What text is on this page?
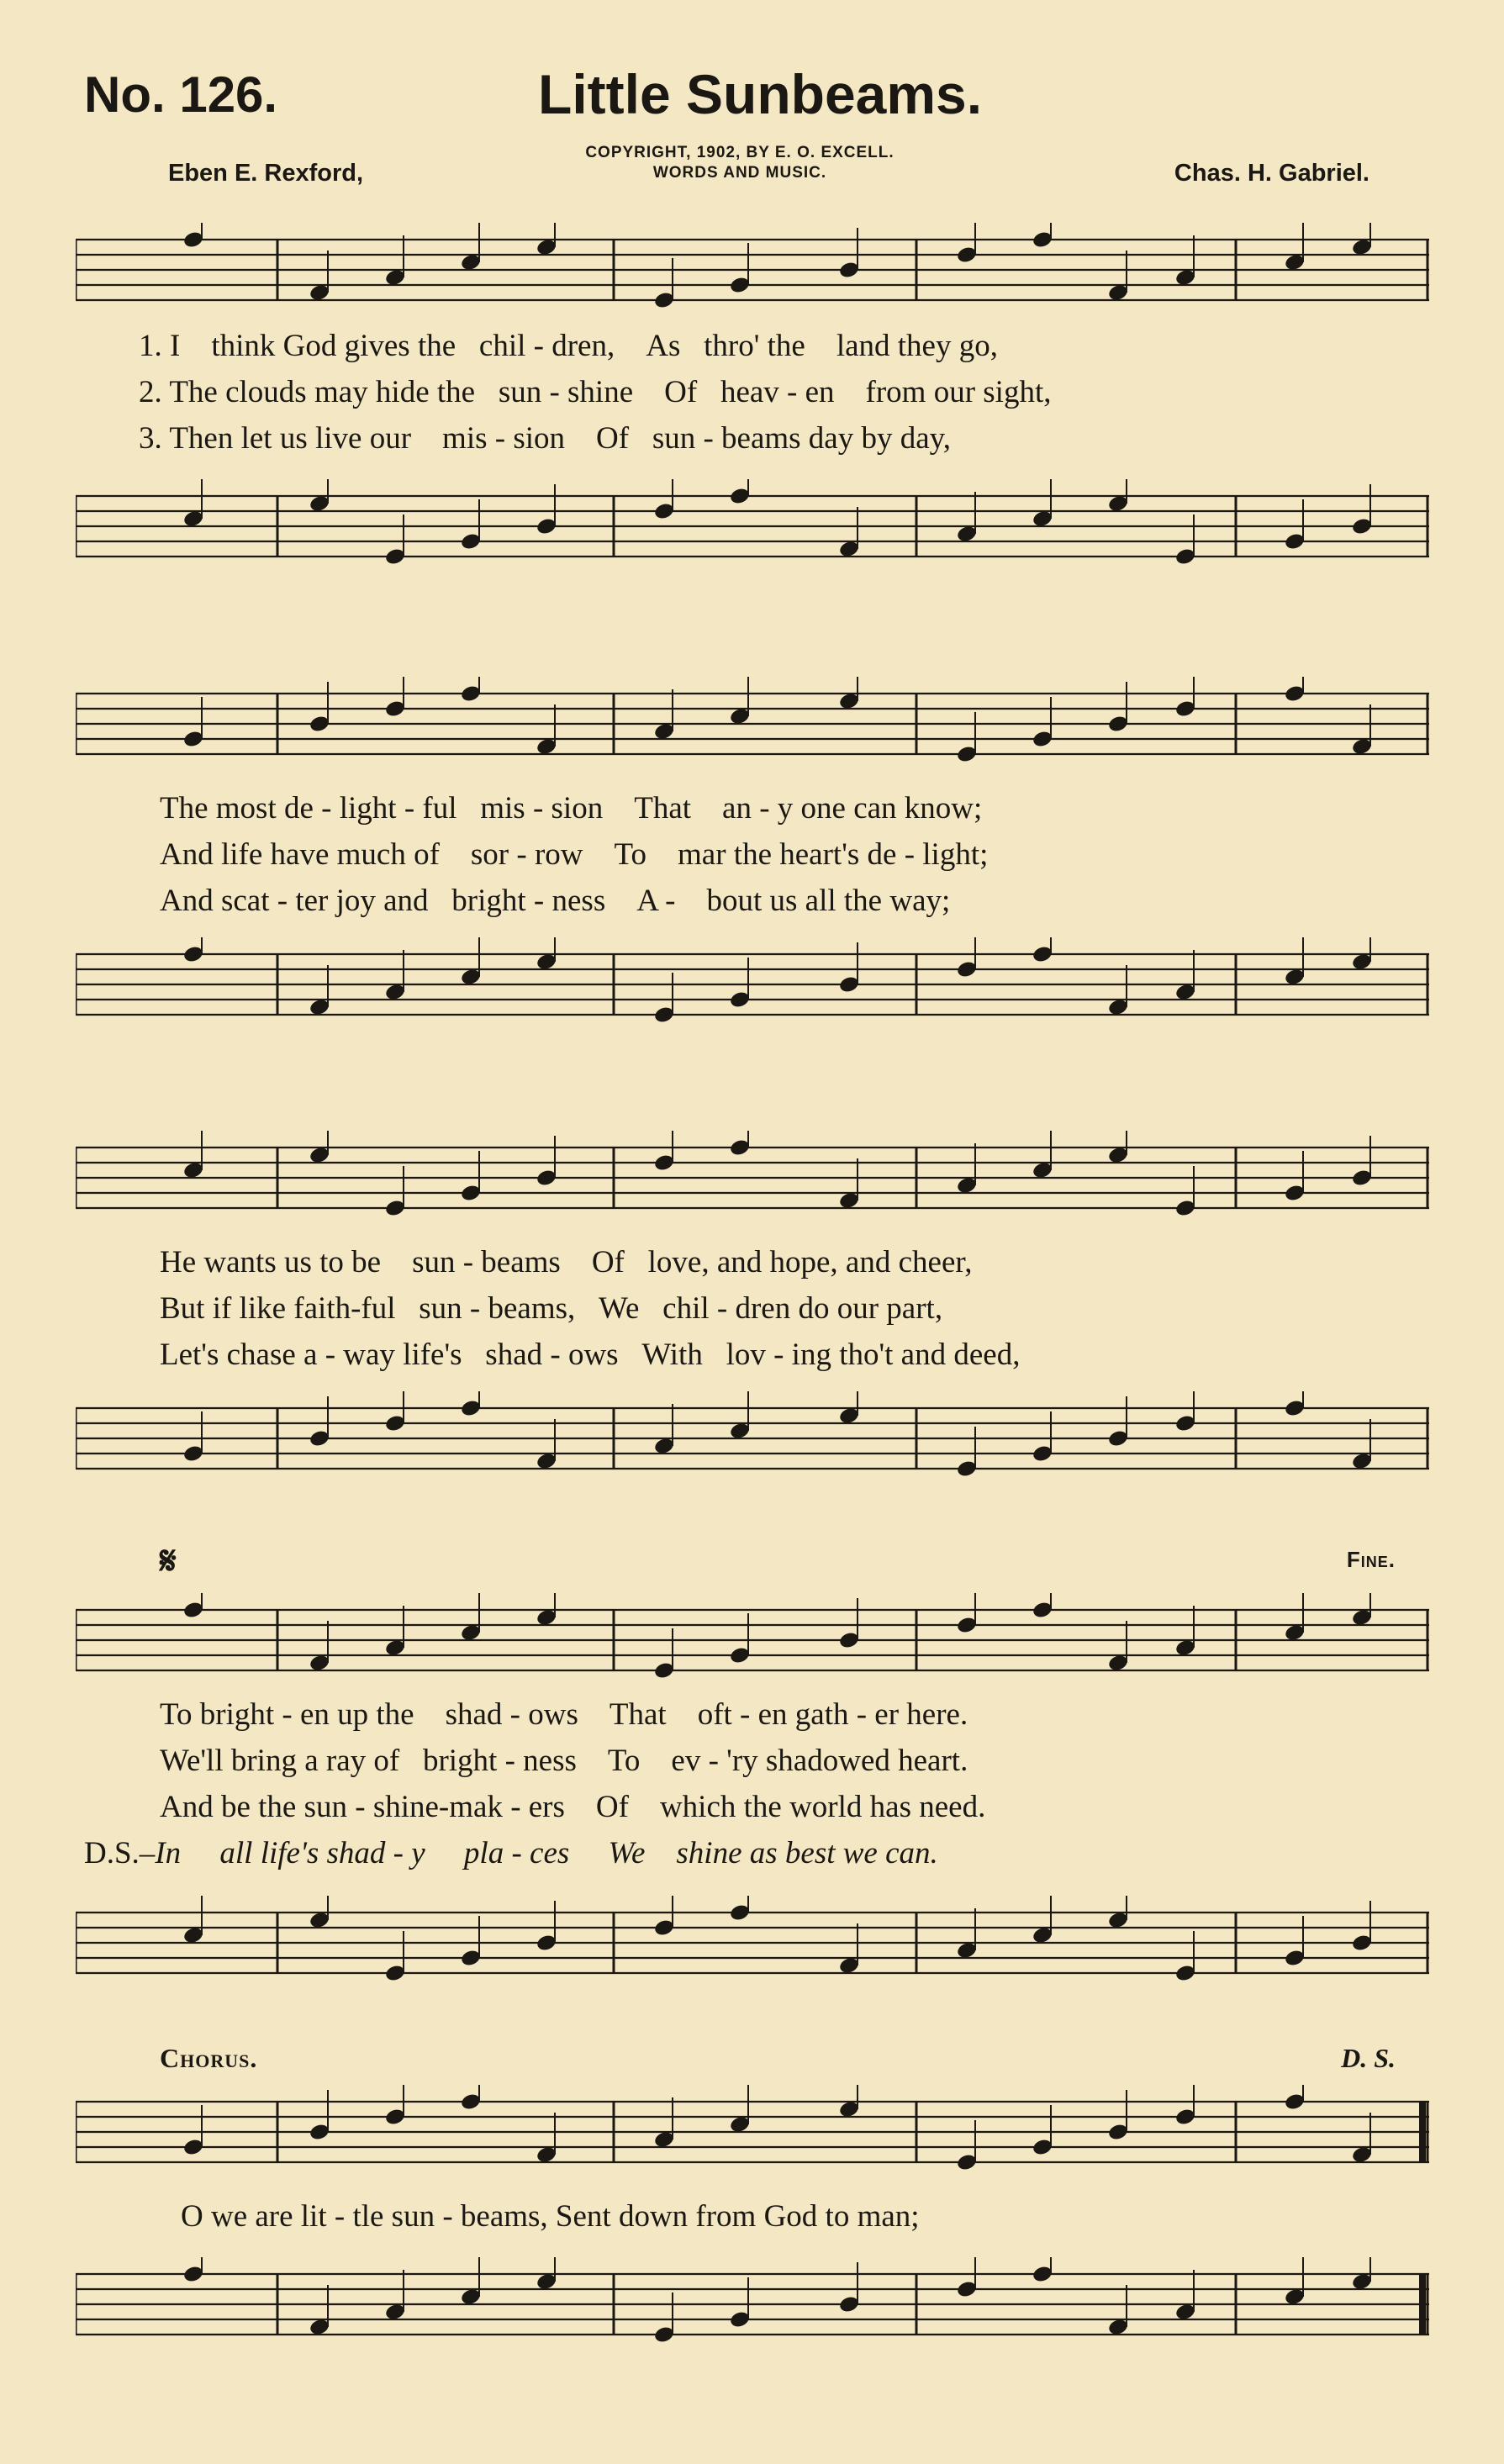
No. 126.	Little Sunbeams.
COPYRIGHT, 1902, BY E. O. EXCELL.
WORDS AND MUSIC.
Eben E. Rexford,	Chas. H. Gabriel.
1. I think God gives the chil - dren, As thro' the land they go,
2. The clouds may hide the sun - shine Of heav - en from our sight,
3. Then let us live our mis - sion Of sun - beams day by day,
The most de - light - ful mis - sion That an - y one can know;
And life have much of sor - row To mar the heart's de - light;
And scat - ter joy and bright - ness A - bout us all the way;
He wants us to be sun - beams Of love, and hope, and cheer,
But if like faith-ful sun - beams, We chil - dren do our part,
Let's chase a - way life's shad - ows With lov - ing tho't and deed,
𝄋	Fine.
To bright - en up the shad - ows That oft - en gath - er here.
We'll bring a ray of bright - ness To ev - 'ry shadowed heart.
And be the sun - shine-mak - ers Of which the world has need.
D.S.–In all life's shad - y pla - ces We shine as best we can.
Chorus.	D. S.
O we are lit - tle sun - beams, Sent down from God to man;
